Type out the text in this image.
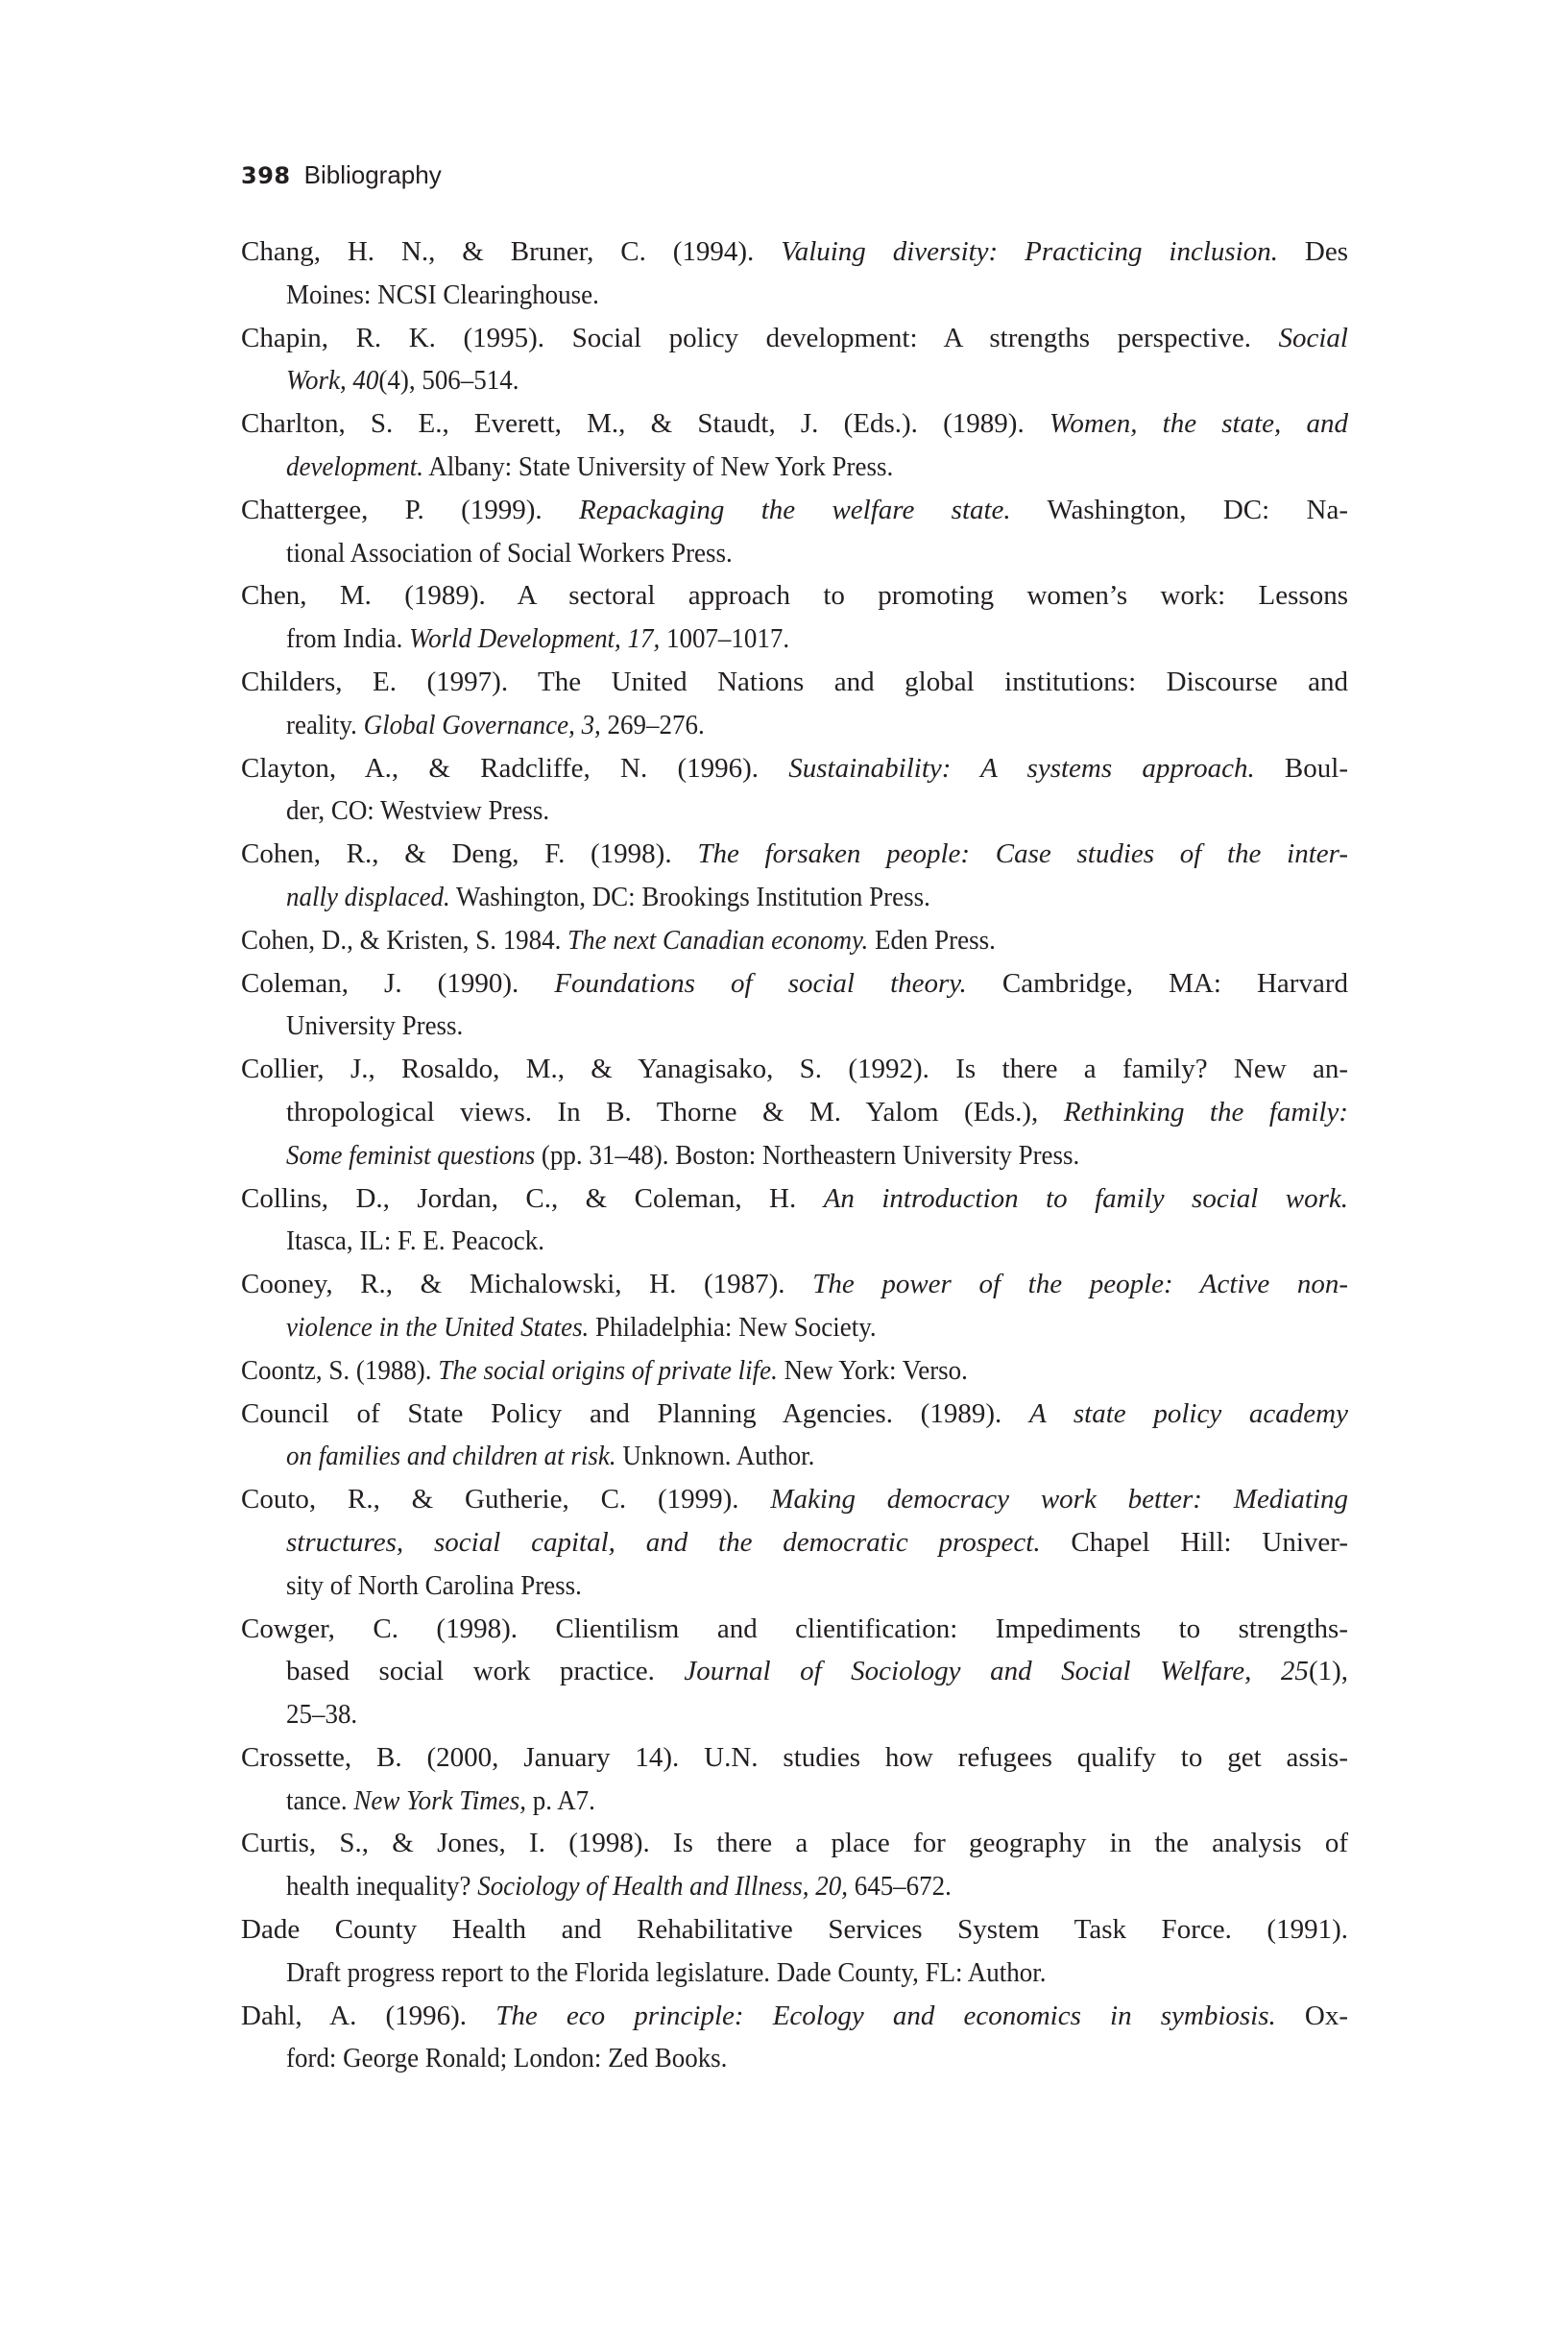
398 Bibliography
Chang, H. N., & Bruner, C. (1994). Valuing diversity: Practicing inclusion. Des
Moines: NCSI Clearinghouse.
Chapin, R. K. (1995). Social policy development: A strengths perspective. Social
Work, 40(4), 506–514.
Charlton, S. E., Everett, M., & Staudt, J. (Eds.). (1989). Women, the state, and
development. Albany: State University of New York Press.
Chattergee, P. (1999). Repackaging the welfare state. Washington, DC: Na-
tional Association of Social Workers Press.
Chen, M. (1989). A sectoral approach to promoting women’s work: Lessons
from India. World Development, 17, 1007–1017.
Childers, E. (1997). The United Nations and global institutions: Discourse and
reality. Global Governance, 3, 269–276.
Clayton, A., & Radcliffe, N. (1996). Sustainability: A systems approach. Boul-
der, CO: Westview Press.
Cohen, R., & Deng, F. (1998). The forsaken people: Case studies of the inter-
nally displaced. Washington, DC: Brookings Institution Press.
Cohen, D., & Kristen, S. 1984. The next Canadian economy. Eden Press.
Coleman, J. (1990). Foundations of social theory. Cambridge, MA: Harvard
University Press.
Collier, J., Rosaldo, M., & Yanagisako, S. (1992). Is there a family? New an-
thropological views. In B. Thorne & M. Yalom (Eds.), Rethinking the family:
Some feminist questions (pp. 31–48). Boston: Northeastern University Press.
Collins, D., Jordan, C., & Coleman, H. An introduction to family social work.
Itasca, IL: F. E. Peacock.
Cooney, R., & Michalowski, H. (1987). The power of the people: Active non-
violence in the United States. Philadelphia: New Society.
Coontz, S. (1988). The social origins of private life. New York: Verso.
Council of State Policy and Planning Agencies. (1989). A state policy academy
on families and children at risk. Unknown. Author.
Couto, R., & Gutherie, C. (1999). Making democracy work better: Mediating
structures, social capital, and the democratic prospect. Chapel Hill: Univer-
sity of North Carolina Press.
Cowger, C. (1998). Clientilism and clientification: Impediments to strengths-
based social work practice. Journal of Sociology and Social Welfare, 25(1),
25–38.
Crossette, B. (2000, January 14). U.N. studies how refugees qualify to get assis-
tance. New York Times, p. A7.
Curtis, S., & Jones, I. (1998). Is there a place for geography in the analysis of
health inequality? Sociology of Health and Illness, 20, 645–672.
Dade County Health and Rehabilitative Services System Task Force. (1991).
Draft progress report to the Florida legislature. Dade County, FL: Author.
Dahl, A. (1996). The eco principle: Ecology and economics in symbiosis. Ox-
ford: George Ronald; London: Zed Books.
